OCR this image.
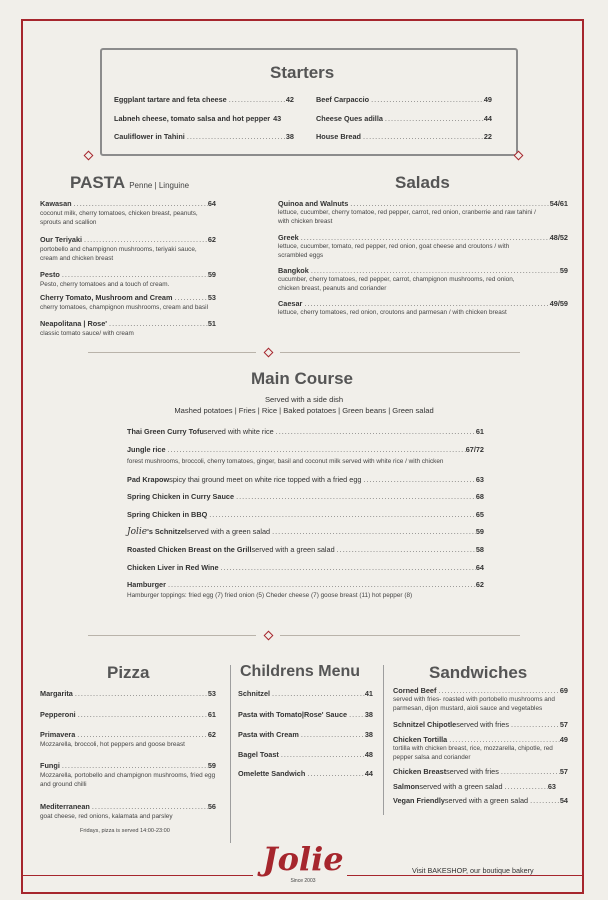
Starters
Eggplant tartare and feta cheese .....	42
Labneh cheese, tomato salsa and hot pepper 43
Cauliflower in Tahini .....	38
Beef Carpaccio .....	49
Cheese Ques adilla .....	44
House Bread .....	22
PASTA Penne | Linguine
Kawasan .....	64
coconut milk, cherry tomatoes, chicken breast, peanuts, sprouts and scallion
Our Teriyaki .....	62
portobello and champignon mushrooms, teriyaki sauce, cream and chicken breast
Pesto .....	59
Pesto, cherry tomatoes and a touch of cream.
Cherry Tomato, Mushroom and Cream .....	53
cherry tomatoes, champignon mushrooms, cream and basil
Neapolitana | Rose' .....	51
classic tomato sauce/ with cream
Salads
Quinoa and Walnuts .....	54/61
lettuce, cucumber, cherry tomatoe, red pepper, carrot, red onion, cranberrie and raw tahini / with chicken breast
Greek .....	48/52
lettuce, cucumber, tomato, red pepper, red onion, goat cheese and croutons / with scrambled eggs
Bangkok .....	59
cucumber, cherry tomatoes, red pepper, carrot, champignon mushrooms, red onion, chicken breast, peanuts and coriander
Caesar .....	49/59
lettuce, cherry tomatoes, red onion, croutons and parmesan / with chicken breast
Main Course
Served with a side dish
Mashed potatoes | Fries | Rice | Baked potatoes | Green beans | Green salad
Thai Green Curry Tofu served with white rice .....	61
Jungle rice .....	67/72
forest mushrooms, broccoli, cherry tomatoes, ginger, basil and coconut milk served with white rice / with chicken
Pad Krapow spicy thai ground meet on white rice topped with a fried egg .....	63
Spring Chicken in Curry Sauce .....	68
Spring Chicken in BBQ .....	65
Jolie 's Schnitzel served with a green salad .....	59
Roasted Chicken Breast on the Grill served with a green salad .....	58
Chicken Liver in Red Wine .....	64
Hamburger .....	62
Hamburger toppings: fried egg (7) fried onion (5) Cheder cheese (7) goose breast (11) hot pepper (8)
Pizza
Margarita .....	53
Pepperoni .....	61
Primavera .....	62
Mozzarella, broccoli, hot peppers and goose breast
Fungi .....	59
Mozzarella, portobello and champignon mushrooms, fried egg and ground chilli
Mediterranean .....	56
goat cheese, red onions, kalamata and parsley
Fridays, pizza is served 14:00-23:00
Childrens Menu
Schnitzel .....	41
Pasta with Tomato|Rose' Sauce ..... 38
Pasta with Cream .....	38
Bagel Toast .....	48
Omelette Sandwich .....	44
Sandwiches
Corned Beef .....	69
served with fries- roasted with portobello mushrooms and parmesan, dijon mustard, aioli sauce and vegetables
Schnitzel Chipotle served with fries .....	57
Chicken Tortilla .....	49
tortilla with chicken breast, rice, mozzarella, chipotle, red pepper salsa and coriander
Chicken Breast served with fries .....	57
Salmon served with a green salad .....	63
Vegan Friendly served with a green salad .....	54
Jolie
Since 2003
Visit BAKESHOP, our boutique bakery
